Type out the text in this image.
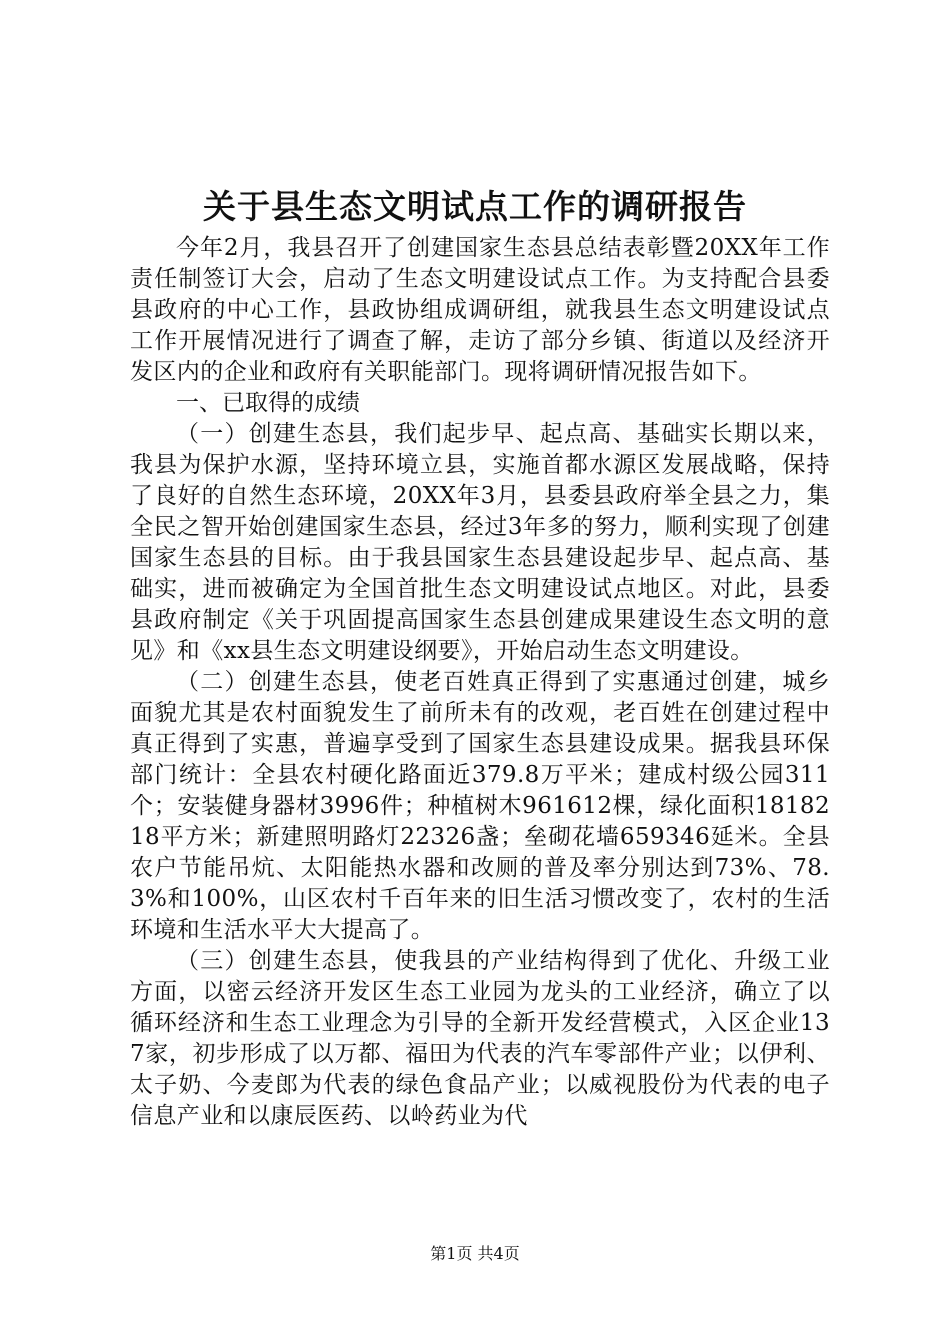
关于县生态文明试点工作的调研报告

今年2月，我县召开了创建国家生态县总结表彰暨20XX年工作责任制签订大会，启动了生态文明建设试点工作。为支持配合县委县政府的中心工作，县政协组成调研组，就我县生态文明建设试点工作开展情况进行了调查了解，走访了部分乡镇、街道以及经济开发区内的企业和政府有关职能部门。现将调研情况报告如下。

一、已取得的成绩

（一）创建生态县，我们起步早、起点高、基础实长期以来，我县为保护水源，坚持环境立县，实施首都水源区发展战略，保持了良好的自然生态环境，20XX年3月，县委县政府举全县之力，集全民之智开始创建国家生态县，经过3年多的努力，顺利实现了创建国家生态县的目标。由于我县国家生态县建设起步早、起点高、基础实，进而被确定为全国首批生态文明建设试点地区。对此，县委县政府制定《关于巩固提高国家生态县创建成果建设生态文明的意见》和《xx县生态文明建设纲要》，开始启动生态文明建设。

（二）创建生态县，使老百姓真正得到了实惠通过创建，城乡面貌尤其是农村面貌发生了前所未有的改观，老百姓在创建过程中真正得到了实惠，普遍享受到了国家生态县建设成果。据我县环保部门统计：全县农村硬化路面近379.8万平米；建成村级公园311个；安装健身器材3996件；种植树木961612棵，绿化面积1818218平方米；新建照明路灯22326盏；垒砌花墙659346延米。全县农户节能吊炕、太阳能热水器和改厕的普及率分别达到73%、78.3%和100%，山区农村千百年来的旧生活习惯改变了，农村的生活环境和生活水平大大提高了。

（三）创建生态县，使我县的产业结构得到了优化、升级工业方面，以密云经济开发区生态工业园为龙头的工业经济，确立了以循环经济和生态工业理念为引导的全新开发经营模式，入区企业137家，初步形成了以万都、福田为代表的汽车零部件产业；以伊利、太子奶、今麦郎为代表的绿色食品产业；以威视股份为代表的电子信息产业和以康辰医药、以岭药业为代

第1页 共4页
